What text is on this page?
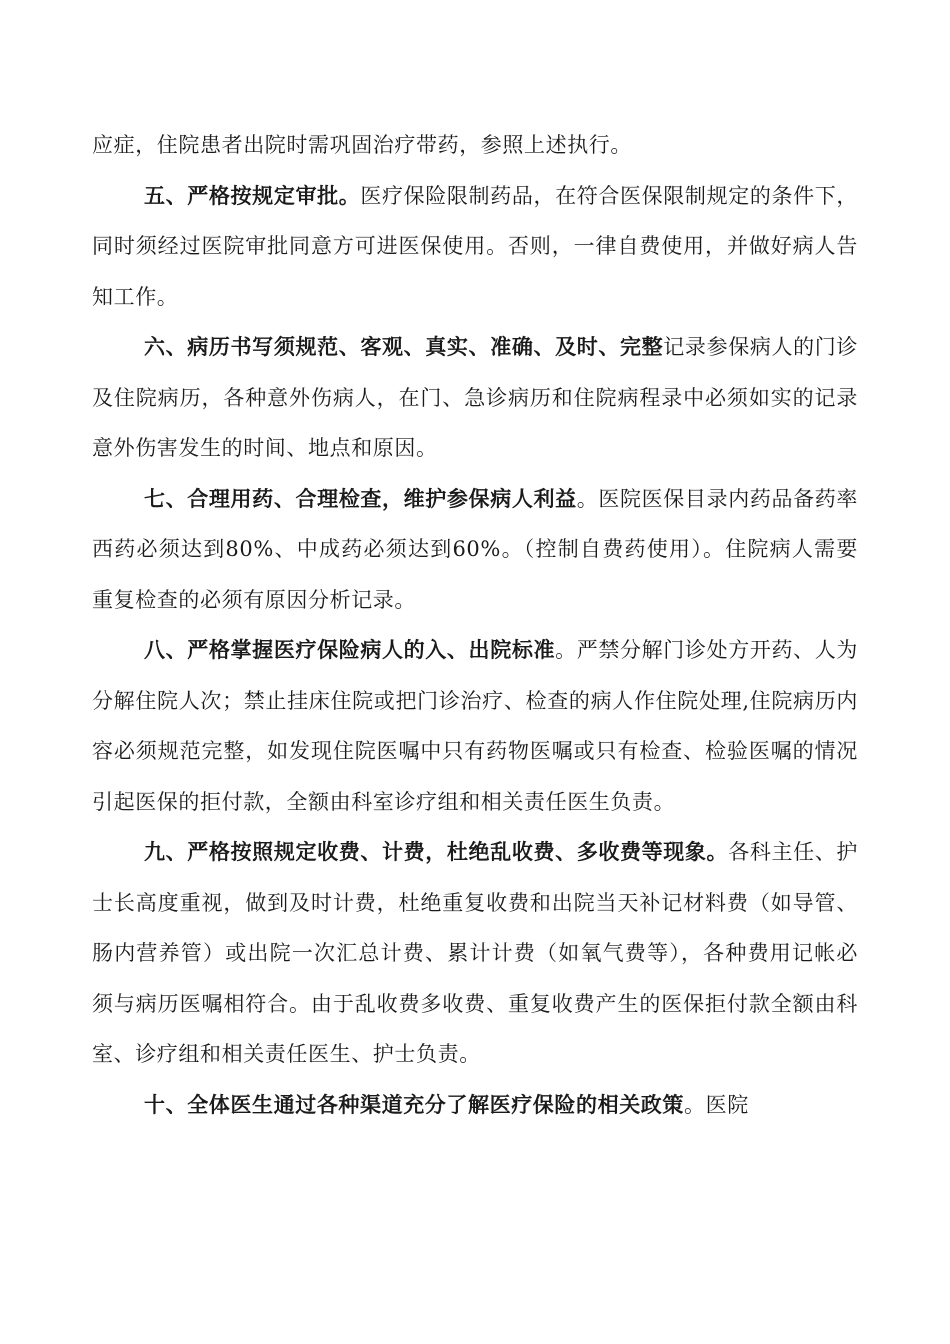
应症，住院患者出院时需巩固治疗带药，参照上述执行。

五、严格按规定审批。医疗保险限制药品，在符合医保限制规定的条件下，同时须经过医院审批同意方可进医保使用。否则，一律自费使用，并做好病人告知工作。

六、病历书写须规范、客观、真实、准确、及时、完整记录参保病人的门诊及住院病历，各种意外伤病人，在门、急诊病历和住院病程录中必须如实的记录意外伤害发生的时间、地点和原因。

七、合理用药、合理检查，维护参保病人利益。医院医保目录内药品备药率西药必须达到80%、中成药必须达到60%。（控制自费药使用）。住院病人需要重复检查的必须有原因分析记录。

八、严格掌握医疗保险病人的入、出院标准。严禁分解门诊处方开药、人为分解住院人次；禁止挂床住院或把门诊治疗、检查的病人作住院处理,住院病历内容必须规范完整，如发现住院医嘱中只有药物医嘱或只有检查、检验医嘱的情况引起医保的拒付款，全额由科室诊疗组和相关责任医生负责。

九、严格按照规定收费、计费，杜绝乱收费、多收费等现象。各科主任、护士长高度重视，做到及时计费，杜绝重复收费和出院当天补记材料费（如导管、肠内营养管）或出院一次汇总计费、累计计费（如氧气费等），各种费用记帐必须与病历医嘱相符合。由于乱收费多收费、重复收费产生的医保拒付款全额由科室、诊疗组和相关责任医生、护士负责。

十、全体医生通过各种渠道充分了解医疗保险的相关政策。医院
